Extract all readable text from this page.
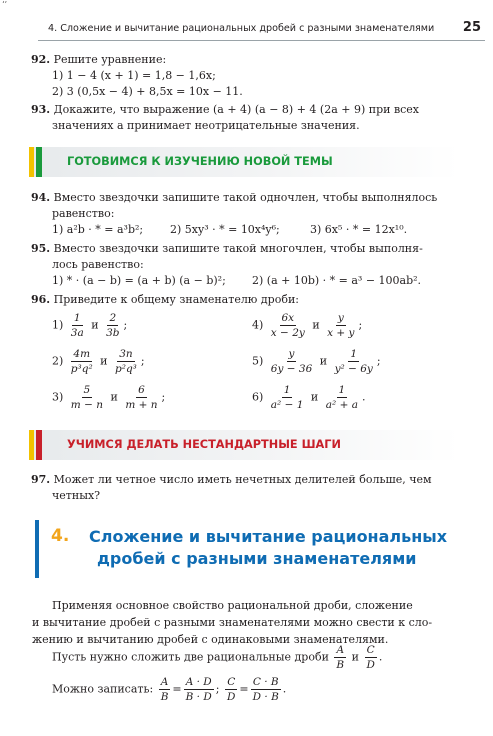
‘’
4. Сложение и вычитание рациональных дробей с разными знаменателями 25
92. Решите уравнение:
1) 1 − 4 (x + 1) = 1,8 − 1,6x;
2) 3 (0,5x − 4) + 8,5x = 10x − 11.
93. Докажите, что выражение (a + 4) (a − 8) + 4 (2a + 9) при всех
значениях a принимает неотрицательные значения.
ГОТОВИМСЯ К ИЗУЧЕНИЮ НОВОЙ ТЕМЫ
94. Вместо звездочки запишите такой одночлен, чтобы выполнялось
равенство:
1) a²b · * = a³b²; 2) 5xy³ · * = 10x⁴y⁶;	3) 6x⁵ · * = 12x¹⁰.
95. Вместо звездочки запишите такой многочлен, чтобы выполня-
лось равенство:
1) * · (a − b) = (a + b) (a − b)²; 2) (a + 10b) · * = a³ − 100ab².
96. Приведите к общему знаменателю дроби:
$1) \frac{1}{3a}$ и $\frac{2}{3b}$ ;
$2) \frac{4m}{\text{p³q²}}$ и $\frac{3n}{\text{p²q³}}$ ;
$3) \frac{5}{m - n}$ и $\frac{6}{m + n}$ ;
$4) \frac{6x}{x - 2y}$ и $\frac{y}{x + y}$ ;
$5) \frac{y}{6y - 36}$ и $\frac{1}{\text{y² − 6y}}$ ;
$6) \frac{1}{\text{a² − 1}}$ и $\frac{1}{\text{a² + a}}$ .
УЧИМСЯ ДЕЛАТЬ НЕСТАНДАРТНЫЕ ШАГИ
97. Может ли четное число иметь нечетных делителей больше, чем
четных?
4. Сложение и вычитание рациональных
дробей с разными знаменателями
Применяя основное свойство рациональной дроби, сложение
и вычитание дробей с разными знаменателями можно свести к сло-
жению и вычитанию дробей с одинаковыми знаменателями.
Пусть нужно сложить две рациональные дроби $\frac{A}{B}$ и $\frac{C}{D}$ .
Можно записать: $\frac{A}{B} = \frac{A \cdot D}{B \cdot D}$ ; $\frac{C}{D} = \frac{C \cdot B}{D \cdot B}$ .
